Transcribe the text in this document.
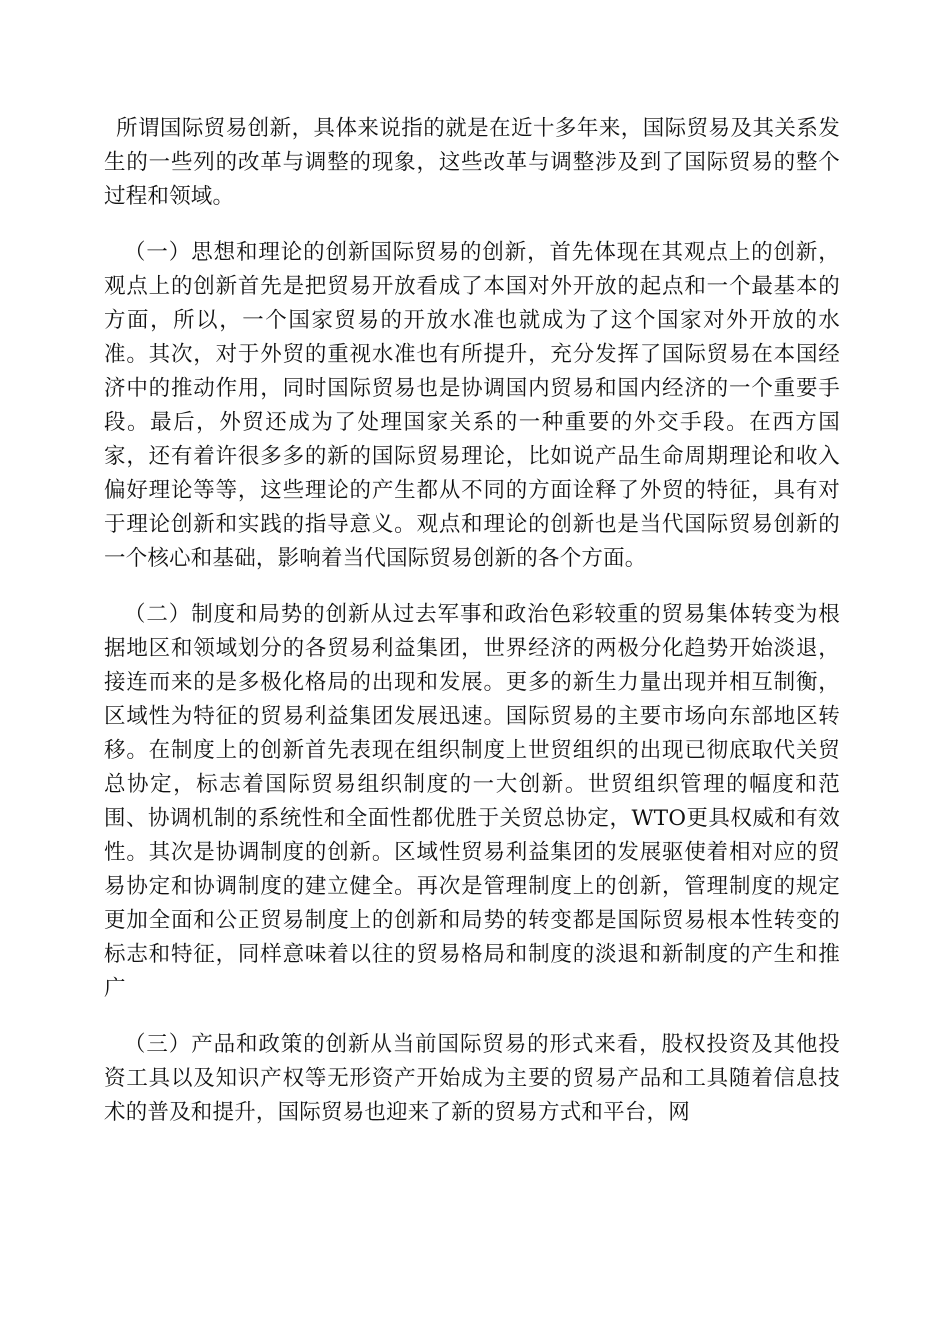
所谓国际贸易创新，具体来说指的就是在近十多年来，国际贸易及其关系发生的一些列的改革与调整的现象，这些改革与调整涉及到了国际贸易的整个过程和领域。

（一）思想和理论的创新国际贸易的创新，首先体现在其观点上的创新，观点上的创新首先是把贸易开放看成了本国对外开放的起点和一个最基本的方面，所以，一个国家贸易的开放水准也就成为了这个国家对外开放的水准。其次，对于外贸的重视水准也有所提升，充分发挥了国际贸易在本国经济中的推动作用，同时国际贸易也是协调国内贸易和国内经济的一个重要手段。最后，外贸还成为了处理国家关系的一种重要的外交手段。在西方国家，还有着许很多多的新的国际贸易理论，比如说产品生命周期理论和收入偏好理论等等，这些理论的产生都从不同的方面诠释了外贸的特征，具有对于理论创新和实践的指导意义。观点和理论的创新也是当代国际贸易创新的一个核心和基础，影响着当代国际贸易创新的各个方面。

（二）制度和局势的创新从过去军事和政治色彩较重的贸易集体转变为根据地区和领域划分的各贸易利益集团，世界经济的两极分化趋势开始淡退，接连而来的是多极化格局的出现和发展。更多的新生力量出现并相互制衡，区域性为特征的贸易利益集团发展迅速。国际贸易的主要市场向东部地区转移。在制度上的创新首先表现在组织制度上世贸组织的出现已彻底取代关贸总协定，标志着国际贸易组织制度的一大创新。世贸组织管理的幅度和范围、协调机制的系统性和全面性都优胜于关贸总协定，WTO更具权威和有效性。其次是协调制度的创新。区域性贸易利益集团的发展驱使着相对应的贸易协定和协调制度的建立健全。再次是管理制度上的创新，管理制度的规定更加全面和公正贸易制度上的创新和局势的转变都是国际贸易根本性转变的标志和特征，同样意味着以往的贸易格局和制度的淡退和新制度的产生和推广

（三）产品和政策的创新从当前国际贸易的形式来看，股权投资及其他投资工具以及知识产权等无形资产开始成为主要的贸易产品和工具随着信息技术的普及和提升，国际贸易也迎来了新的贸易方式和平台，网
